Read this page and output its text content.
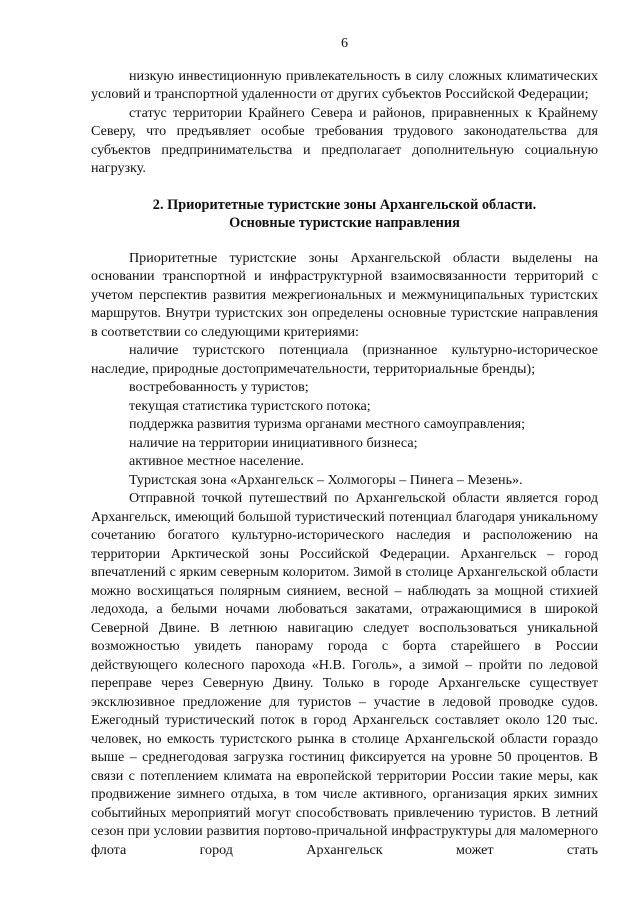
6

низкую инвестиционную привлекательность в силу сложных климатических условий и транспортной удаленности от других субъектов Российской Федерации;

статус территории Крайнего Севера и районов, приравненных к Крайнему Северу, что предъявляет особые требования трудового законодательства для субъектов предпринимательства и предполагает дополнительную социальную нагрузку.

2. Приоритетные туристские зоны Архангельской области.
Основные туристские направления

Приоритетные туристские зоны Архангельской области выделены на основании транспортной и инфраструктурной взаимосвязанности территорий с учетом перспектив развития межрегиональных и межмуниципальных туристских маршрутов. Внутри туристских зон определены основные туристские направления в соответствии со следующими критериями:

наличие туристского потенциала (признанное культурно-историческое наследие, природные достопримечательности, территориальные бренды);

востребованность у туристов;

текущая статистика туристского потока;

поддержка развития туризма органами местного самоуправления;

наличие на территории инициативного бизнеса;

активное местное население.

Туристская зона «Архангельск – Холмогоры – Пинега – Мезень».

Отправной точкой путешествий по Архангельской области является город Архангельск, имеющий большой туристический потенциал благодаря уникальному сочетанию богатого культурно-исторического наследия и расположению на территории Арктической зоны Российской Федерации. Архангельск – город впечатлений с ярким северным колоритом. Зимой в столице Архангельской области можно восхищаться полярным сиянием, весной – наблюдать за мощной стихией ледохода, а белыми ночами любоваться закатами, отражающимися в широкой Северной Двине. В летнюю навигацию следует воспользоваться уникальной возможностью увидеть панораму города с борта старейшего в России действующего колесного парохода «Н.В. Гоголь», а зимой – пройти по ледовой переправе через Северную Двину. Только в городе Архангельске существует эксклюзивное предложение для туристов – участие в ледовой проводке судов. Ежегодный туристический поток в город Архангельск составляет около 120 тыс. человек, но емкость туристского рынка в столице Архангельской области гораздо выше – среднегодовая загрузка гостиниц фиксируется на уровне 50 процентов. В связи с потеплением климата на европейской территории России такие меры, как продвижение зимнего отдыха, в том числе активного, организация ярких зимних событийных мероприятий могут способствовать привлечению туристов. В летний сезон при условии развития портово-причальной инфраструктуры для маломерного флота город Архангельск может стать
